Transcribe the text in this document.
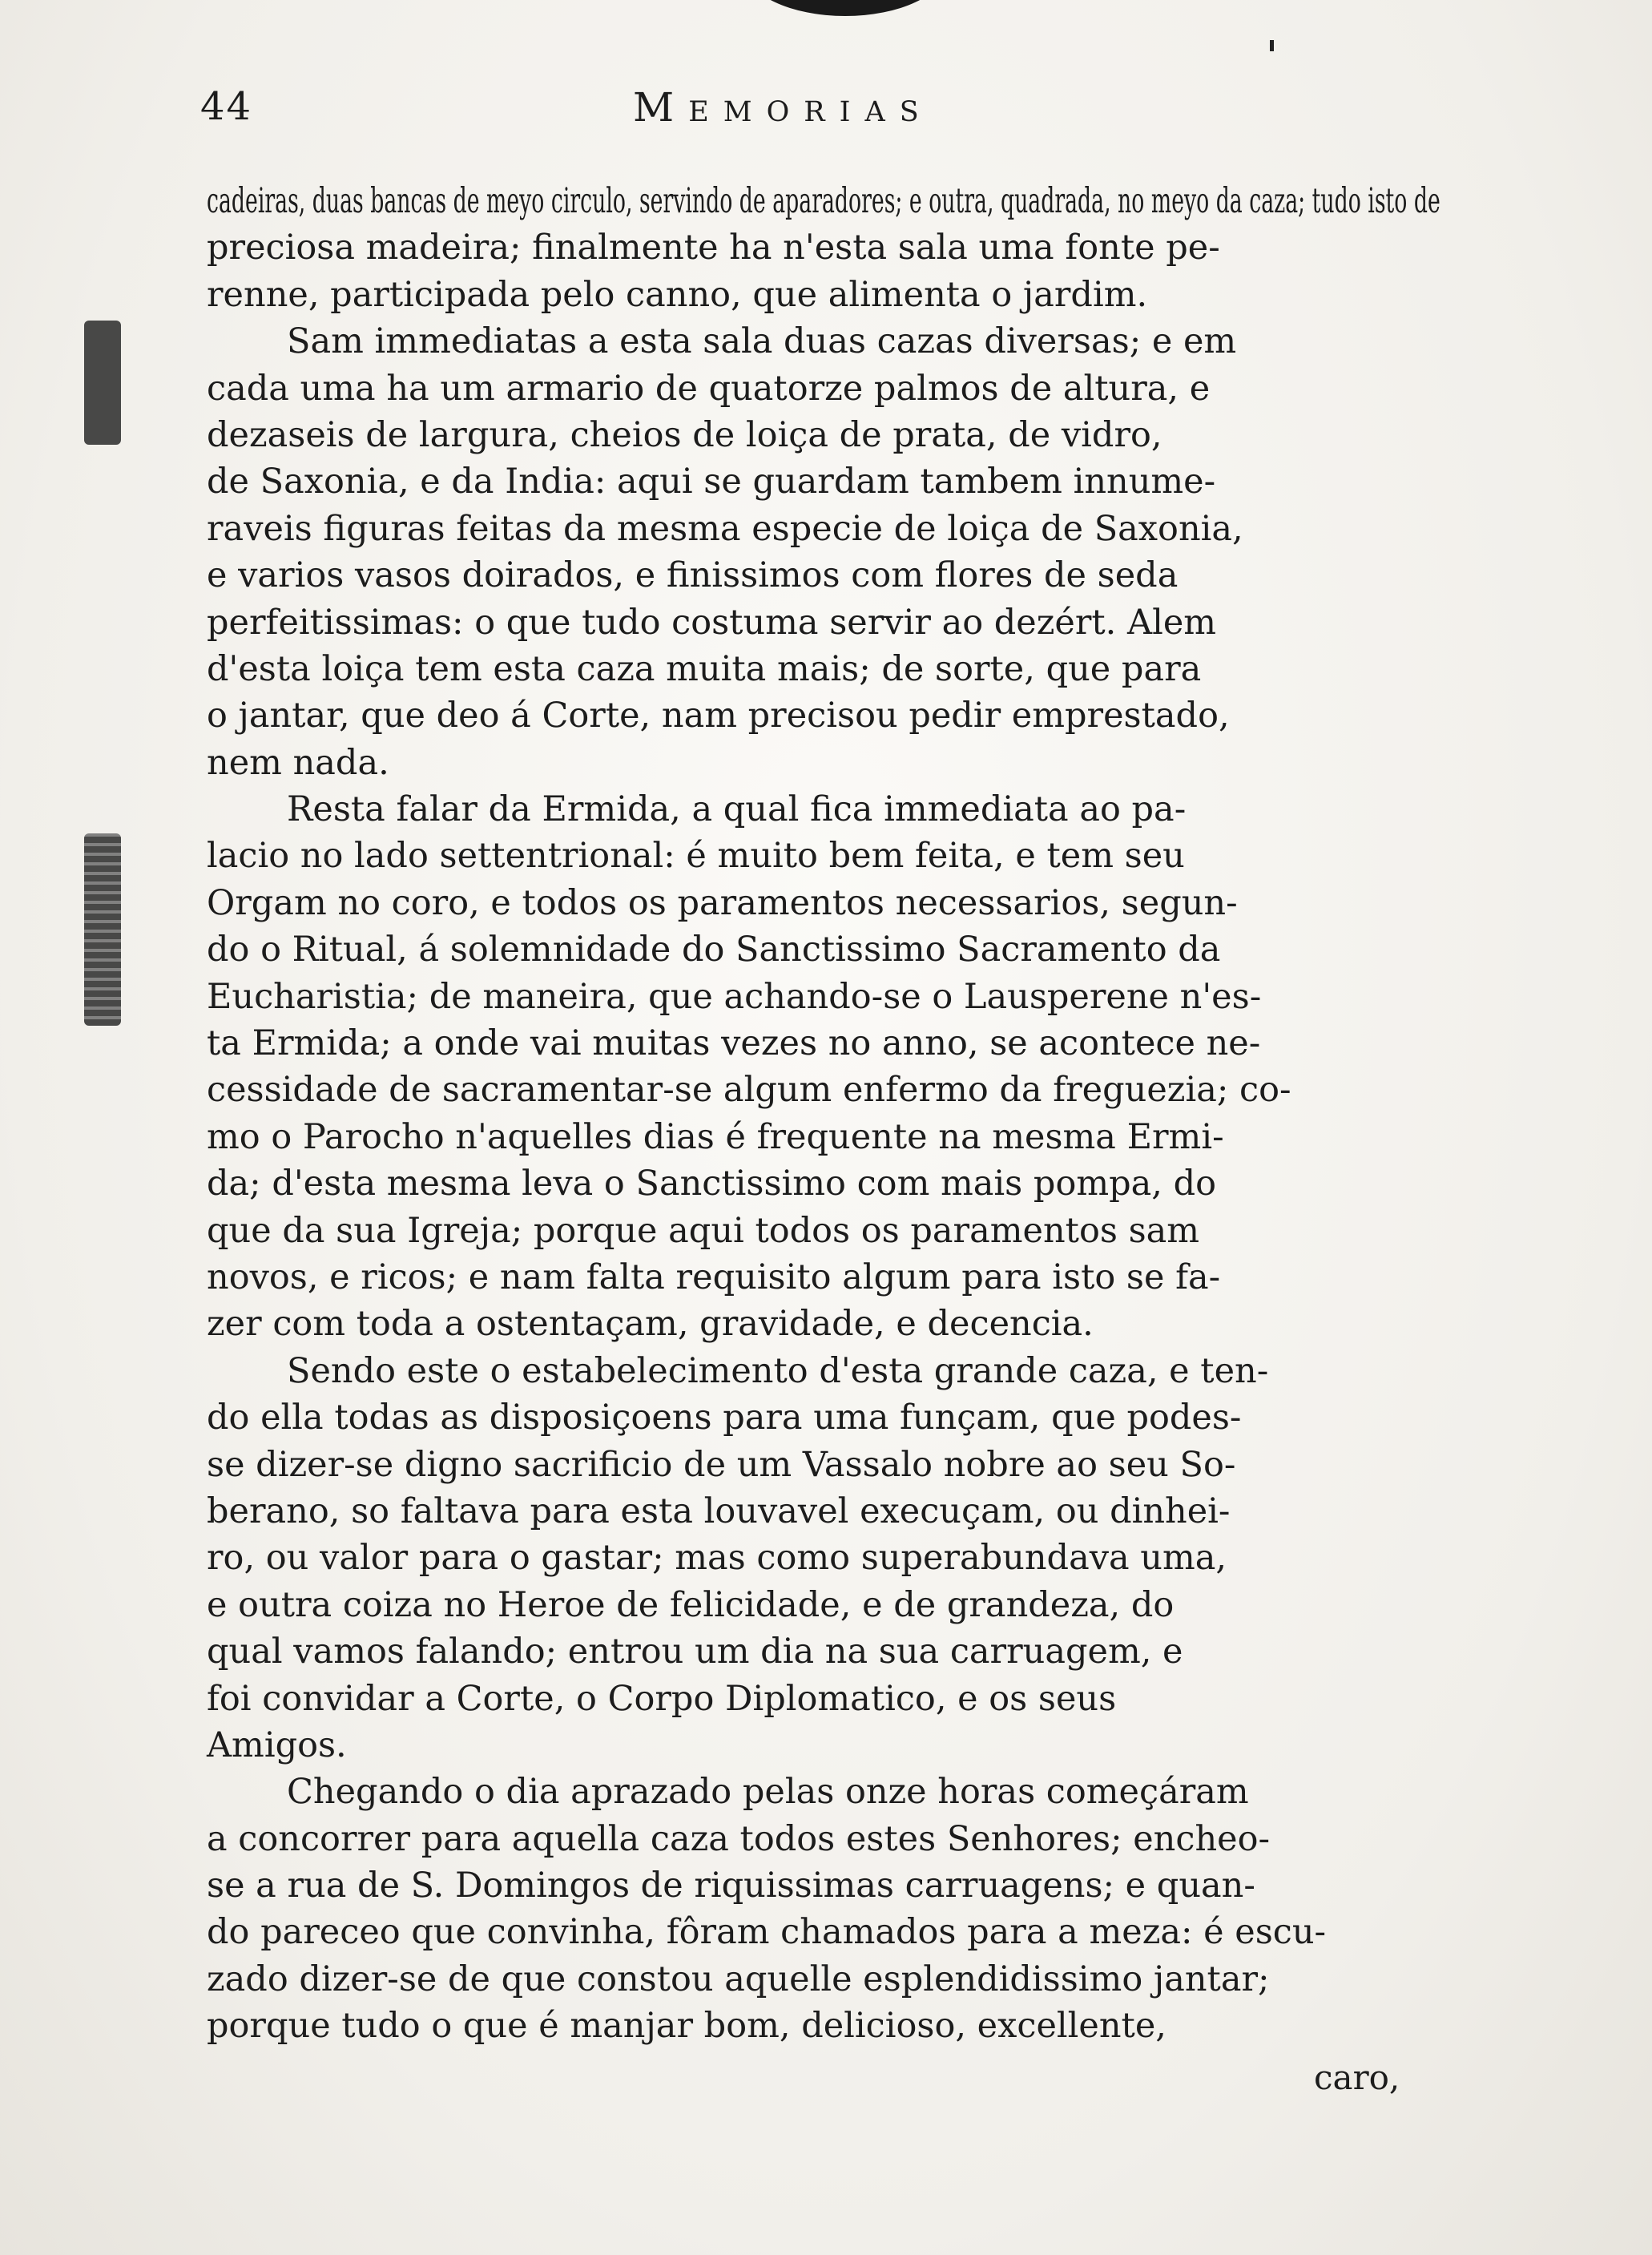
44	Memorias
cadeiras, duas bancas de meyo circulo, servindo de aparadores; e outra, quadrada, no meyo da caza; tudo isto de
preciosa madeira; finalmente ha n'esta sala uma fonte pe-
renne, participada pelo canno, que alimenta o jardim.
Sam immediatas a esta sala duas cazas diversas; e em
cada uma ha um armario de quatorze palmos de altura, e
dezaseis de largura, cheios de loiça de prata, de vidro,
de Saxonia, e da India: aqui se guardam tambem innume-
raveis figuras feitas da mesma especie de loiça de Saxonia,
e varios vasos doirados, e finissimos com flores de seda
perfeitissimas: o que tudo costuma servir ao dezért. Alem
d'esta loiça tem esta caza muita mais; de sorte, que para
o jantar, que deo á Corte, nam precisou pedir emprestado,
nem nada.
Resta falar da Ermida, a qual fica immediata ao pa-
lacio no lado settentrional: é muito bem feita, e tem seu
Orgam no coro, e todos os paramentos necessarios, segun-
do o Ritual, á solemnidade do Sanctissimo Sacramento da
Eucharistia; de maneira, que achando-se o Lausperene n'es-
ta Ermida; a onde vai muitas vezes no anno, se acontece ne-
cessidade de sacramentar-se algum enfermo da freguezia; co-
mo o Parocho n'aquelles dias é frequente na mesma Ermi-
da; d'esta mesma leva o Sanctissimo com mais pompa, do
que da sua Igreja; porque aqui todos os paramentos sam
novos, e ricos; e nam falta requisito algum para isto se fa-
zer com toda a ostentaçam, gravidade, e decencia.
Sendo este o estabelecimento d'esta grande caza, e ten-
do ella todas as disposiçoens para uma funçam, que podes-
se dizer-se digno sacrificio de um Vassalo nobre ao seu So-
berano, so faltava para esta louvavel execuçam, ou dinhei-
ro, ou valor para o gastar; mas como superabundava uma,
e outra coiza no Heroe de felicidade, e de grandeza, do
qual vamos falando; entrou um dia na sua carruagem, e
foi convidar a Corte, o Corpo Diplomatico, e os seus
Amigos.
Chegando o dia aprazado pelas onze horas começáram
a concorrer para aquella caza todos estes Senhores; encheo-
se a rua de S. Domingos de riquissimas carruagens; e quan-
do pareceo que convinha, fôram chamados para a meza: é escu-
zado dizer-se de que constou aquelle esplendidissimo jantar;
porque tudo o que é manjar bom, delicioso, excellente,
caro,
